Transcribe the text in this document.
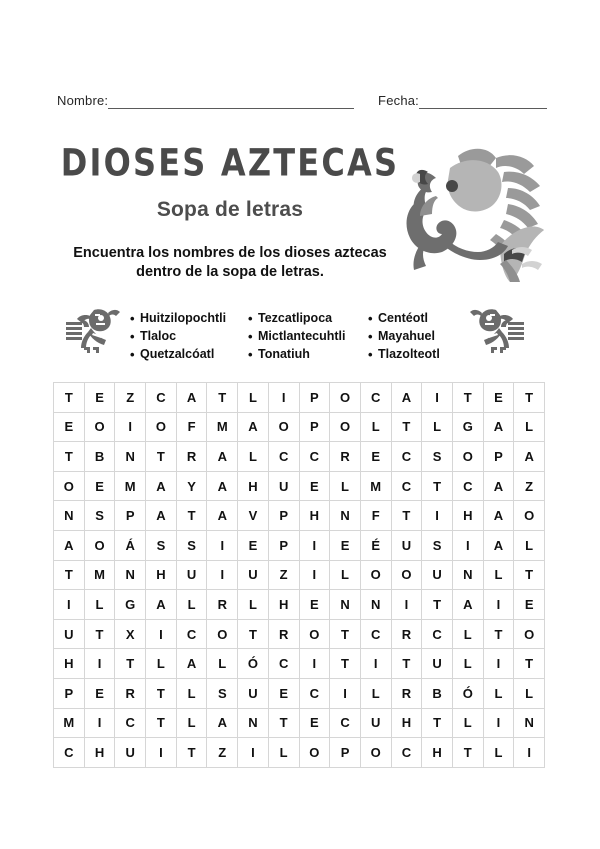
Nombre:	Fecha:
DIOSES AZTECAS
Sopa de letras
Encuentra los nombres de los dioses aztecas dentro de la sopa de letras.
• Huitzilopochtli
• Tlaloc
• Quetzalcóatl
• Tezcatlipoca
• Mictlantecuhtli
• Tonatiuh
• Centéotl
• Mayahuel
• Tlazolteotl
T	E	Z	C	A	T	L	I	P	O	C	A	I	T	E	T
E	O	I	O	F	M	A	O	P	O	L	T	L	G	A	L
T	B	N	T	R	A	L	C	C	R	E	C	S	O	P	A
O	E	M	A	Y	A	H	U	E	L	M	C	T	C	A	Z
N	S	P	A	T	A	V	P	H	N	F	T	I	H	A	O
A	O	Á	S	S	I	E	P	I	E	É	U	S	I	A	L
T	M	N	H	U	I	U	Z	I	L	O	O	U	N	L	T
I	L	G	A	L	R	L	H	E	N	N	I	T	A	I	E
U	T	X	I	C	O	T	R	O	T	C	R	C	L	T	O
H	I	T	L	A	L	Ó	C	I	T	I	T	U	L	I	T
P	E	R	T	L	S	U	E	C	I	L	R	B	Ó	L	L
M	I	C	T	L	A	N	T	E	C	U	H	T	L	I	N
C	H	U	I	T	Z	I	L	O	P	O	C	H	T	L	I
